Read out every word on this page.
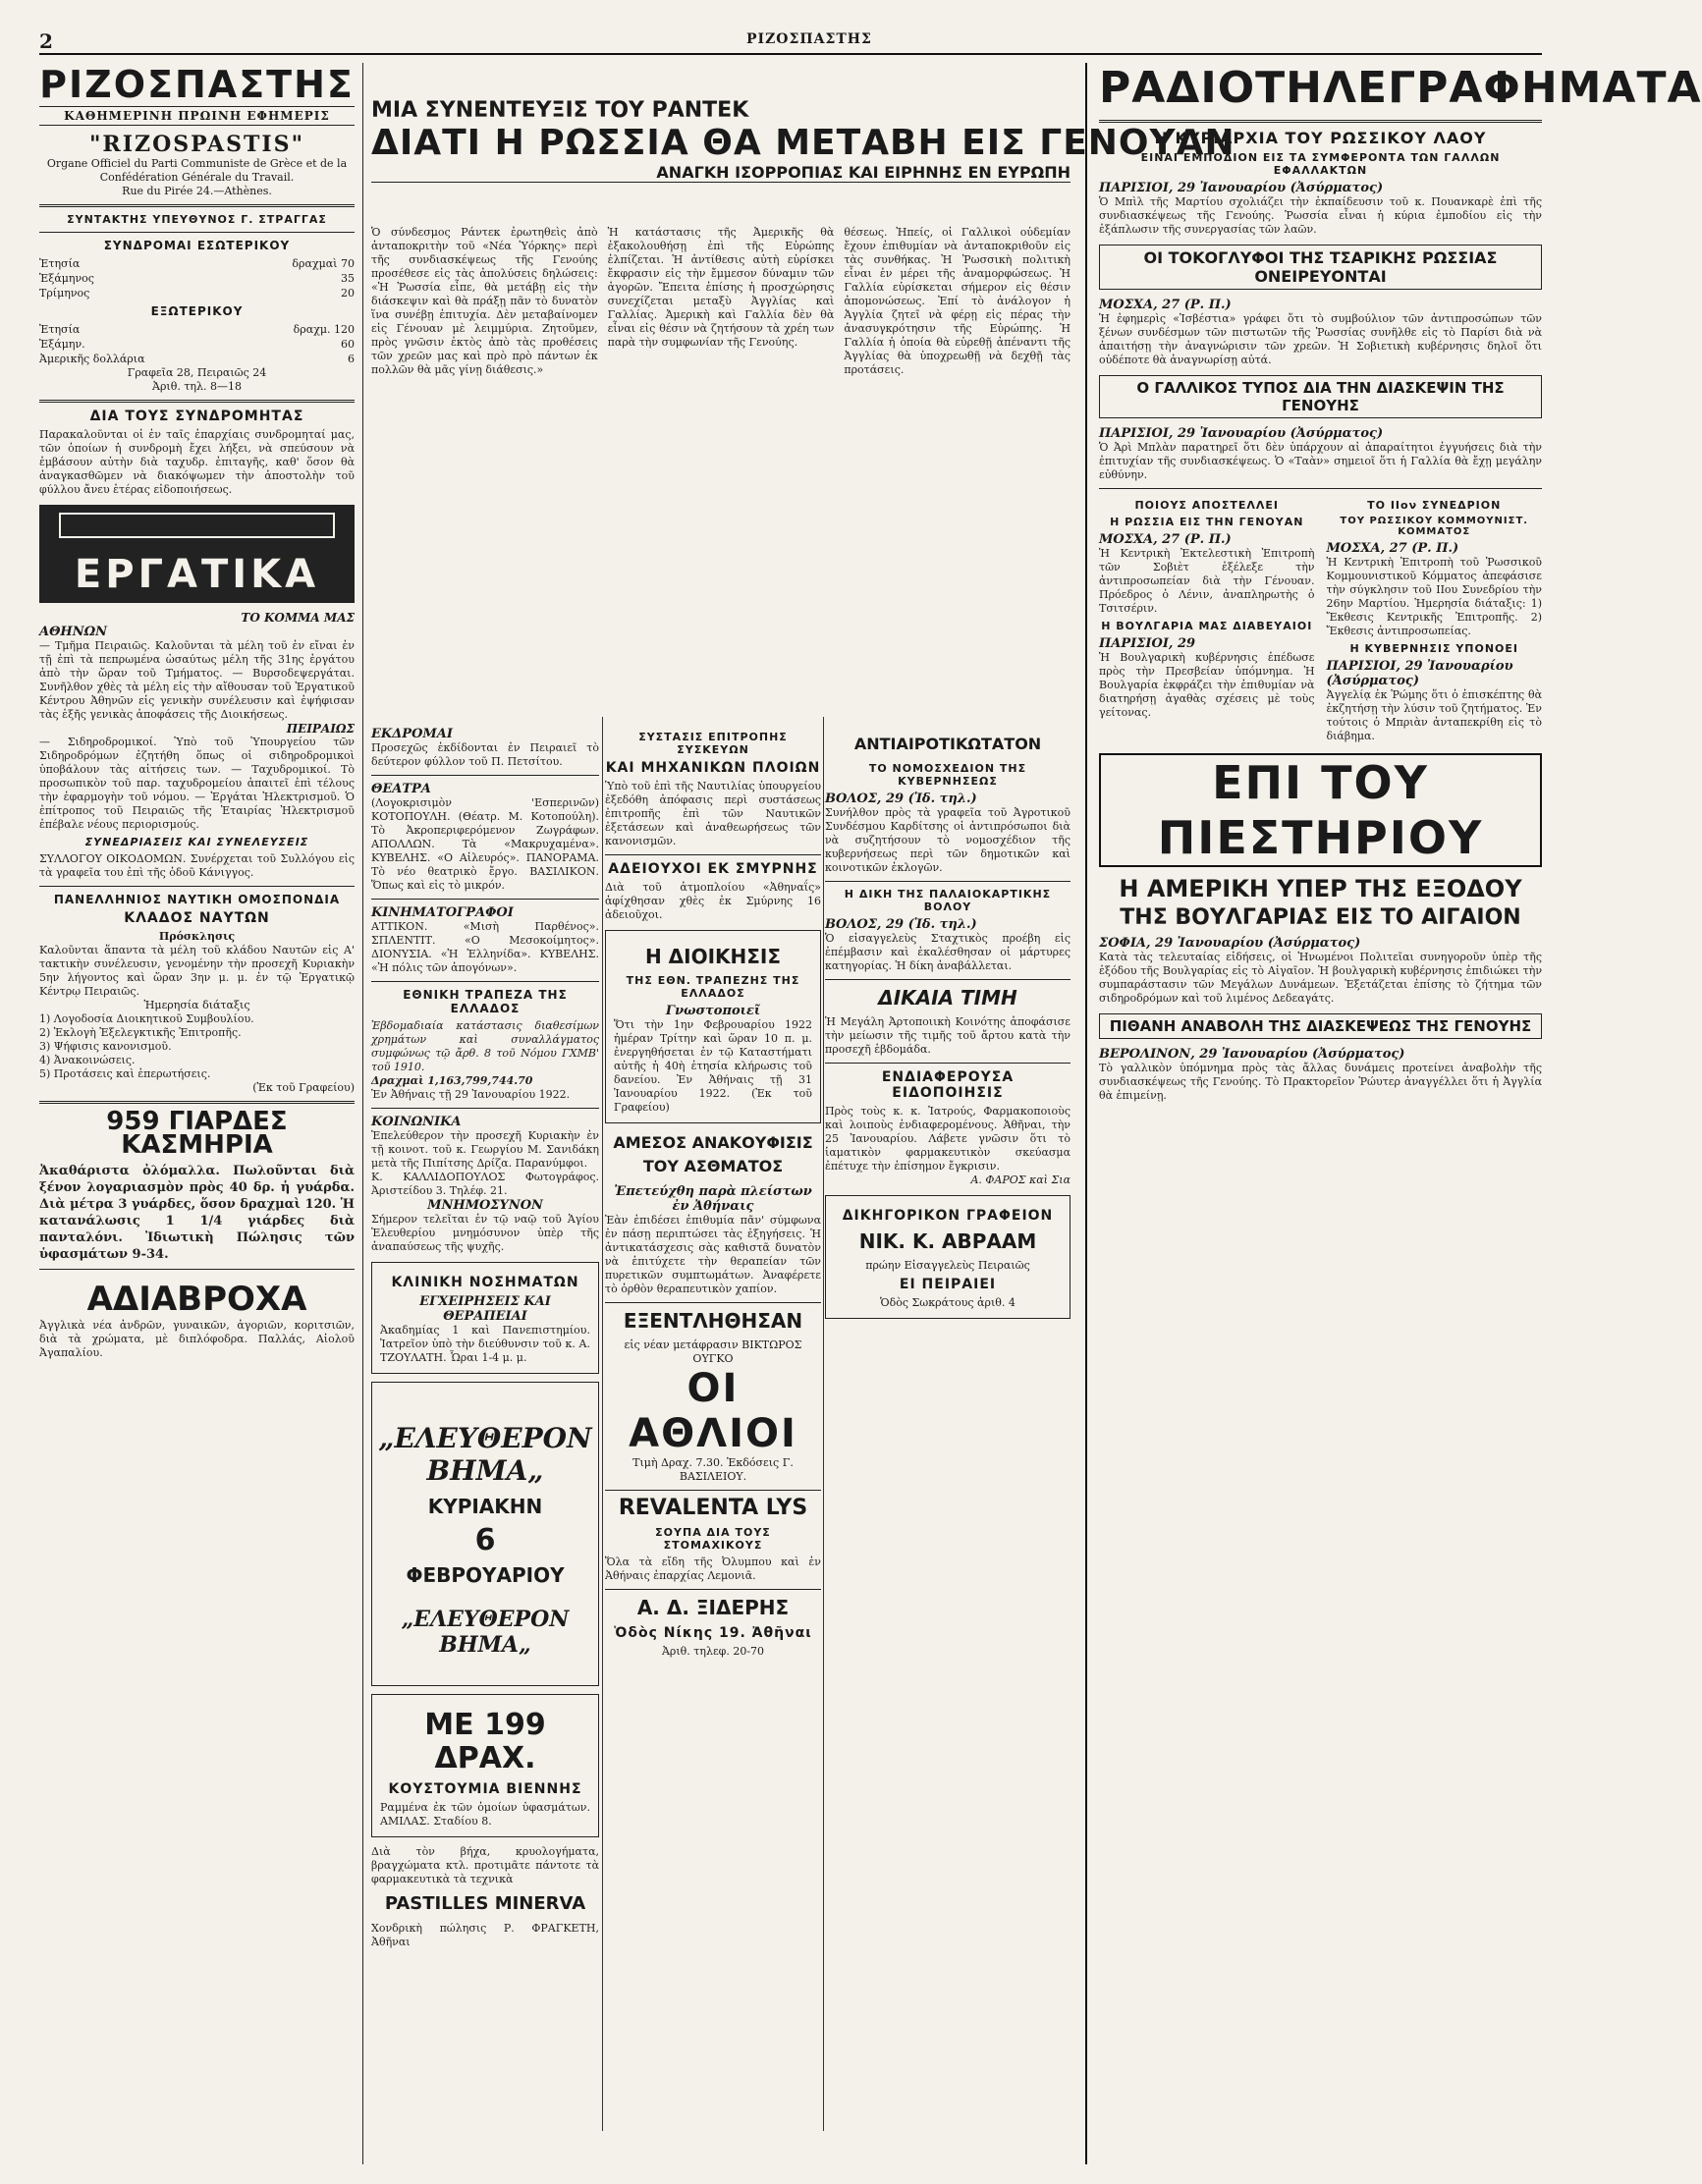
2	ΡΙΖΟΣΠΑΣΤΗΣ
ΡΙΖΟΣΠΑΣΤΗΣ
ΚΑΘΗΜΕΡΙΝΗ ΠΡΩΙΝΗ ΕΦΗΜΕΡΙΣ
"RIZOSPASTIS"
Organe Officiel du Parti Communiste de Grèce et de la Confédération Générale du Travail.
Rue du Pirée 24.—Athènes.
ΣΥΝΤΑΚΤΗΣ ΥΠΕΥΘΥΝΟΣ Γ. ΣΤΡΑΓΓΑΣ
ΣΥΝΔΡΟΜΑΙ ΕΣΩΤΕΡΙΚΟΥ
Ἐτησία	δραχμαὶ 70
Ἑξάμηνος	35
Τρίμηνος	20
ΕΞΩΤΕΡΙΚΟΥ
Ἐτησία	δραχμ. 120
Ἑξάμην.	60
Ἀμερικῆς δολλάρια	6
Γραφεῖα 28, Πειραιῶς 24
Ἀριθ. τηλ. 8—18
ΔΙΑ ΤΟΥΣ ΣΥΝΔΡΟΜΗΤΑΣ
Παρακαλοῦνται οἱ ἐν ταῖς ἐπαρχίαις συνδρομηταί μας, τῶν ὁποίων ἡ συνδρομὴ ἔχει λήξει, νὰ σπεύσουν νὰ ἐμβάσουν αὐτὴν διὰ ταχυδρ. ἐπιταγῆς, καθ' ὅσον θὰ ἀναγκασθῶμεν νὰ διακόψωμεν τὴν ἀποστολὴν τοῦ φύλλου ἄνευ ἑτέρας εἰδοποιήσεως.
ΕΡΓΑΤΙΚΑ
ΤΟ ΚΟΜΜΑ ΜΑΣ
ΑΘΗΝΩΝ
— Τμῆμα Πειραιῶς. Καλοῦνται τὰ μέλη τοῦ ἐν εἴναι ἐν τῇ ἐπὶ τὰ πεπρωμένα ὡσαύτως μέλη τῆς 31ης ἐργάτου ἀπὸ τὴν ὥραν τοῦ Τμήματος. — Βυρσοδεψεργάται. Συνῆλθον χθὲς τὰ μέλη εἰς τὴν αἴθουσαν τοῦ Ἐργατικοῦ Κέντρου Ἀθηνῶν εἰς γενικὴν συνέλευσιν καὶ ἐψήφισαν τὰς ἑξῆς γενικὰς ἀποφάσεις τῆς Διοικήσεως.
ΠΕΙΡΑΙΩΣ
— Σιδηροδρομικοί. Ὑπὸ τοῦ Ὑπουργείου τῶν Σιδηροδρόμων ἐζητήθη ὅπως οἱ σιδηροδρομικοὶ ὑποβάλουν τὰς αἰτήσεις των. — Ταχυδρομικοί. Τὸ προσωπικὸν τοῦ παρ. ταχυδρομείου ἀπαιτεῖ ἐπὶ τέλους τὴν ἐφαρμογὴν τοῦ νόμου. — Ἐργάται Ἠλεκτρισμοῦ. Ὁ ἐπίτροπος τοῦ Πειραιῶς τῆς Ἑταιρίας Ἠλεκτρισμοῦ ἐπέβαλε νέους περιορισμούς.
ΣΥΝΕΔΡΙΑΣΕΙΣ ΚΑΙ ΣΥΝΕΛΕΥΣΕΙΣ
ΣΥΛΛΟΓΟΥ ΟΙΚΟΔΟΜΩΝ. Συνέρχεται τοῦ Συλλόγου εἰς τὰ γραφεῖα του ἐπὶ τῆς ὁδοῦ Κάνιγγος.
ΠΑΝΕΛΛΗΝΙΟΣ ΝΑΥΤΙΚΗ ΟΜΟΣΠΟΝΔΙΑ
ΚΛΑΔΟΣ ΝΑΥΤΩΝ
Πρόσκλησις
Καλοῦνται ἅπαντα τὰ μέλη τοῦ κλάδου Ναυτῶν εἰς Α' τακτικὴν συνέλευσιν, γενομένην τὴν προσεχῆ Κυριακὴν 5ην λήγοντος καὶ ὥραν 3ην μ. μ. ἐν τῷ Ἐργατικῷ Κέντρῳ Πειραιῶς.
Ἡμερησία διάταξις
1) Λογοδοσία Διοικητικοῦ Συμβουλίου.
2) Ἐκλογὴ Ἐξελεγκτικῆς Ἐπιτροπῆς.
3) Ψήφισις κανονισμοῦ.
4) Ἀνακοινώσεις.
5) Προτάσεις καὶ ἐπερωτήσεις.
(Ἐκ τοῦ Γραφείου)
959 ΓΙΑΡΔΕΣ ΚΑΣΜΗΡΙΑ
Ἀκαθάριστα ὀλόμαλλα. Πωλοῦνται διὰ ξένον λογαριασμὸν πρὸς 40 δρ. ἡ γυάρδα. Διὰ μέτρα 3 γυάρδες, ὅσον δραχμαὶ 120. Ἡ κατανάλωσις 1 1/4 γιάρδες διὰ πανταλόνι. Ἰδιωτικὴ Πώλησις τῶν ὑφασμάτων 9-34.
ΑΔΙΑΒΡΟΧΑ
Ἀγγλικὰ νέα ἀνδρῶν, γυναικῶν, ἀγοριῶν, κοριτσιῶν, διὰ τὰ χρώματα, μὲ διπλόφοδρα. Παλλάς, Αἰολοῦ Ἀγαπαλίου.
ΜΙΑ ΣΥΝΕΝΤΕΥΞΙΣ ΤΟΥ ΡΑΝΤΕΚ
ΔΙΑΤΙ Η ΡΩΣΣΙΑ ΘΑ ΜΕΤΑΒΗ ΕΙΣ ΓΕΝΟΥΑΝ
ΑΝΑΓΚΗ ΙΣΟΡΡΟΠΙΑΣ ΚΑΙ ΕΙΡΗΝΗΣ ΕΝ ΕΥΡΩΠΗ
Ὁ σύνδεσμος Ράντεκ ἐρωτηθεὶς ἀπὸ ἀνταποκριτὴν τοῦ «Νέα Ὑόρκης» περὶ τῆς συνδιασκέψεως τῆς Γενούης προσέθεσε εἰς τὰς ἀπολύσεις δηλώσεις: «Ἡ Ῥωσσία εἶπε, θὰ μετάβῃ εἰς τὴν διάσκεψιν καὶ θὰ πράξῃ πᾶν τὸ δυνατὸν ἵνα συνέβῃ ἐπιτυχία. Δὲν μεταβαίνομεν εἰς Γένουαν μὲ λειμμύρια. Ζητοῦμεν, πρὸς γνῶσιν ἐκτὸς ἀπὸ τὰς προθέσεις τῶν χρεῶν μας καὶ πρὸ πρὸ πάντων ἐκ πολλῶν θὰ μᾶς γίνῃ διάθεσις.»
Ἡ κατάστασις τῆς Ἀμερικῆς θὰ ἐξακολουθήσῃ ἐπὶ τῆς Εὐρώπης ἐλπίζεται. Ἡ ἀντίθεσις αὐτὴ εὑρίσκει ἔκφρασιν εἰς τὴν ἔμμεσον δύναμιν τῶν ἀγορῶν. Ἔπειτα ἐπίσης ἡ προσχώρησις συνεχίζεται μεταξὺ Ἀγγλίας καὶ Γαλλίας. Ἀμερικὴ καὶ Γαλλία δὲν θὰ εἶναι εἰς θέσιν νὰ ζητήσουν τὰ χρέη των παρὰ τὴν συμφωνίαν τῆς Γενούης.
θέσεως. Ἠπείς, οἱ Γαλλικοὶ οὐδεμίαν ἔχουν ἐπιθυμίαν νὰ ἀνταποκριθοῦν εἰς τὰς συνθήκας. Ἡ Ῥωσσικὴ πολιτικὴ εἶναι ἐν μέρει τῆς ἀναμορφώσεως. Ἡ Γαλλία εὑρίσκεται σήμερον εἰς θέσιν ἀπομονώσεως. Ἐπί τὸ ἀνάλογον ἡ Ἀγγλία ζητεῖ νὰ φέρῃ εἰς πέρας τὴν ἀνασυγκρότησιν τῆς Εὐρώπης. Ἡ Γαλλία ἡ ὁποία θὰ εὑρεθῇ ἀπέναντι τῆς Ἀγγλίας θὰ ὑποχρεωθῇ νὰ δεχθῇ τὰς προτάσεις.
ΕΚΔΡΟΜΑΙ
Προσεχῶς ἐκδίδονται ἐν Πειραιεῖ τὸ δεύτερον φύλλον τοῦ Π. Πετσίτου.
ΘΕΑΤΡΑ
(Λογοκρισιμὸν 'Εσπερινῶν) ΚΟΤΟΠΟΥΛΗ. (Θέατρ. Μ. Κοτοπούλη). Τὸ Ἀκροπεριφερόμενον Ζωγράφων. ΑΠΟΛΛΩΝ. Τὰ «Μακρυχαμένα». ΚΥΒΕΛΗΣ. «Ο Αἰλευρός». ΠΑΝΟΡΑΜΑ. Τὸ νέο θεατρικὸ ἔργο. ΒΑΣΙΛΙΚΟΝ. Ὅπως καὶ εἰς τὸ μικρόν.
ΚΙΝΗΜΑΤΟΓΡΑΦΟΙ
ΑΤΤΙΚΟΝ. «Μισὴ Παρθένος». ΣΠΛΕΝΤΙΤ. «Ο Μεσοκοίμητος». ΔΙΟΝΥΣΙΑ. «Ἡ Ἑλληνίδα». ΚΥΒΕΛΗΣ. «Ἡ πόλις τῶν ἀπογόνων».
ΕΘΝΙΚΗ ΤΡΑΠΕΖΑ ΤΗΣ ΕΛΛΑΔΟΣ
Ἑβδομαδιαία κατάστασις διαθεσίμων χρημάτων καὶ συναλλάγματος συμφώνως τῷ ἄρθ. 8 τοῦ Νόμου ΓΧΜΒ' τοῦ 1910.
Δραχμαὶ 1,163,799,744.70
Ἐν Ἀθήναις τῇ 29 Ἰανουαρίου 1922.
ΚΟΙΝΩΝΙΚΑ
Ἐπελεύθερον τὴν προσεχῆ Κυριακὴν ἐν τῇ κοινοτ. τοῦ κ. Γεωργίου Μ. Σανιδάκη μετὰ τῆς Πιπίτσης Δρίζα. Παρανύμφοι.
Κ. ΚΑΛΛΙΔΟΠΟΥΛΟΣ Φωτογράφος. Ἀριστείδου 3. Τηλέφ. 21.
ΜΝΗΜΟΣΥΝΟΝ
Σήμερον τελεῖται ἐν τῷ ναῷ τοῦ Ἁγίου Ἐλευθερίου μνημόσυνον ὑπὲρ τῆς ἀναπαύσεως τῆς ψυχῆς.
ΚΛΙΝΙΚΗ ΝΟΣΗΜΑΤΩΝ
ΕΓΧΕΙΡΗΣΕΙΣ ΚΑΙ ΘΕΡΑΠΕΙΑΙ
Ἀκαδημίας 1 καὶ Πανεπιστημίου. Ἰατρεῖον ὑπὸ τὴν διεύθυνσιν τοῦ κ. Α. ΤΖΟΥΛΑΤΗ. Ὧραι 1-4 μ. μ.
„ΕΛΕΥΘΕΡΟΝ ΒΗΜΑ„
ΚΥΡΙΑΚΗΝ
6
ΦΕΒΡΟΥΑΡΙΟΥ
„ΕΛΕΥΘΕΡΟΝ ΒΗΜΑ„
ΜΕ 199 ΔΡΑΧ.
ΚΟΥΣΤΟΥΜΙΑ ΒΙΕΝΝΗΣ
Ραμμένα ἐκ τῶν ὁμοίων ὑφασμάτων. ΑΜΙΛΑΣ. Σταδίου 8.
Διὰ τὸν βήχα, κρυολογήματα, βραγχώματα κτλ. προτιμᾶτε πάντοτε τὰ φαρμακευτικὰ τὰ τεχνικὰ
PASTILLES MINERVA
Χονδρικὴ πώλησις Ρ. ΦΡΑΓΚΕΤΗ, Ἀθῆναι
ΣΥΣΤΑΣΙΣ ΕΠΙΤΡΟΠΗΣ ΣΥΣΚΕΥΩΝ
ΚΑΙ ΜΗΧΑΝΙΚΩΝ ΠΛΟΙΩΝ
Ὑπὸ τοῦ ἐπὶ τῆς Ναυτιλίας ὑπουργείου ἐξεδόθη ἀπόφασις περὶ συστάσεως ἐπιτροπῆς ἐπὶ τῶν Ναυτικῶν ἐξετάσεων καὶ ἀναθεωρήσεως τῶν κανονισμῶν.
ΑΔΕΙΟΥΧΟΙ ΕΚ ΣΜΥΡΝΗΣ
Διὰ τοῦ ἀτμοπλοίου «Ἀθηναΐς» ἀφίχθησαν χθὲς ἐκ Σμύρνης 16 ἀδειοῦχοι.
Η ΔΙΟΙΚΗΣΙΣ
ΤΗΣ ΕΘΝ. ΤΡΑΠΕΖΗΣ ΤΗΣ ΕΛΛΑΔΟΣ
Γνωστοποιεῖ
Ὅτι τὴν 1ην Φεβρουαρίου 1922 ἡμέραν Τρίτην καὶ ὥραν 10 π. μ. ἐνεργηθήσεται ἐν τῷ Καταστήματι αὐτῆς ἡ 40ὴ ἐτησία κλήρωσις τοῦ δανείου. Ἐν Ἀθήναις τῇ 31 Ἰανουαρίου 1922. (Ἐκ τοῦ Γραφείου)
ΑΜΕΣΟΣ ΑΝΑΚΟΥΦΙΣΙΣ ΤΟΥ ΑΣΘΜΑΤΟΣ
Ἐπετεύχθη παρὰ πλείστων ἐν Ἀθήναις
Ἐὰν ἐπιδέσει ἐπιθυμία πᾶν' σύμφωνα ἐν πάσῃ περιπτώσει τὰς ἐξηγήσεις. Ἡ ἀντικατάσχεσις σὰς καθιστᾶ δυνατὸν νὰ ἐπιτύχετε τὴν θεραπείαν τῶν πυρετικῶν συμπτωμάτων. Ἀναφέρετε τὸ ὀρθὸν θεραπευτικὸν χαπίον.
ΕΞΕΝΤΛΗΘΗΣΑΝ
εἰς νέαν μετάφρασιν ΒΙΚΤΩΡΟΣ ΟΥΓΚΟ
ΟΙ ΑΘΛΙΟΙ
Τιμὴ Δραχ. 7.30. Ἐκδόσεις Γ. ΒΑΣΙΛΕΙΟΥ.
REVALENTA LYS
ΣΟΥΠΑ ΔΙΑ ΤΟΥΣ ΣΤΟΜΑΧΙΚΟΥΣ
Ὅλα τὰ εἴδη τῆς Ὀλυμπου καὶ ἐν Ἀθήναις ἐπαρχίας Λεμονιᾶ.
Α. Δ. ΞΙΔΕΡΗΣ
Ὁδὸς Νίκης 19. Ἀθῆναι
Ἀριθ. τηλεφ. 20-70
ΑΝΤΙΑΙΡΟΤΙΚΩΤΑΤΟΝ
ΤΟ ΝΟΜΟΣΧΕΔΙΟΝ ΤΗΣ ΚΥΒΕΡΝΗΣΕΩΣ
ΒΟΛΟΣ, 29 (Ἰδ. τηλ.)
Συνήλθον πρὸς τὰ γραφεῖα τοῦ Ἀγροτικοῦ Συνδέσμου Καρδίτσης οἱ ἀντιπρόσωποι διὰ νὰ συζητήσουν τὸ νομοσχέδιον τῆς κυβερνήσεως περὶ τῶν δημοτικῶν καὶ κοινοτικῶν ἐκλογῶν.
Η ΔΙΚΗ ΤΗΣ ΠΑΛΑΙΟΚΑΡΤΙΚΗΣ ΒΟΛΟΥ
ΒΟΛΟΣ, 29 (Ἰδ. τηλ.)
Ὁ εἰσαγγελεὺς Σταχτικὸς προέβη εἰς ἐπέμβασιν καὶ ἐκαλέσθησαν οἱ μάρτυρες κατηγορίας. Ἡ δίκη ἀναβάλλεται.
ΔΙΚΑΙΑ ΤΙΜΗ
Ἡ Μεγάλη Ἀρτοποιικὴ Κοινότης ἀποφάσισε τὴν μείωσιν τῆς τιμῆς τοῦ ἄρτου κατὰ τὴν προσεχῆ ἑβδομάδα.
ΕΝΔΙΑΦΕΡΟΥΣΑ ΕΙΔΟΠΟΙΗΣΙΣ
Πρὸς τοὺς κ. κ. Ἰατρούς, Φαρμακοποιοὺς καὶ λοιποὺς ἐνδιαφερομένους. Ἀθῆναι, τὴν 25 Ἰανουαρίου. Λάβετε γνῶσιν ὅτι τὸ ἰαματικὸν φαρμακευτικὸν σκεύασμα ἐπέτυχε τὴν ἐπίσημον ἔγκρισιν.
Α. ΦΑΡΟΣ καὶ Σια
ΔΙΚΗΓΟΡΙΚΟΝ ΓΡΑΦΕΙΟΝ
ΝΙΚ. Κ. ΑΒΡΑΑΜ
πρώην Εἰσαγγελεὺς Πειραιῶς
ΕΙ ΠΕΙΡΑΙΕΙ
Ὁδὸς Σωκράτους ἀριθ. 4
ΡΑΔΙΟΤΗΛΕΓΡΑΦΗΜΑΤΑ
Η ΚΥΡΙΑΡΧΙΑ ΤΟΥ ΡΩΣΣΙΚΟΥ ΛΑΟΥ
ΕΙΝΑΙ ΕΜΠΟΔΙΟΝ ΕΙΣ ΤΑ ΣΥΜΦΕΡΟΝΤΑ ΤΩΝ ΓΑΛΛΩΝ ΕΦΑΛΛΑΚΤΩΝ
ΠΑΡΙΣΙΟΙ, 29 Ἰανουαρίου (Ἀσύρματος)
Ὁ Μπὶλ τῆς Μαρτίου σχολιάζει τὴν ἐκπαίδευσιν τοῦ κ. Πουανκαρὲ ἐπὶ τῆς συνδιασκέψεως τῆς Γενούης. Ῥωσσία εἶναι ἡ κύρια ἐμποδίου εἰς τὴν ἐξάπλωσιν τῆς συνεργασίας τῶν λαῶν.
ΟΙ ΤΟΚΟΓΛΥΦΟΙ ΤΗΣ ΤΣΑΡΙΚΗΣ ΡΩΣΣΙΑΣ ΟΝΕΙΡΕΥΟΝΤΑΙ
ΜΟΣΧΑ, 27 (Ρ. Π.)
Ἡ ἐφημερὶς «Ἰσβέστια» γράφει ὅτι τὸ συμβούλιον τῶν ἀντιπροσώπων τῶν ξένων συνδέσμων τῶν πιστωτῶν τῆς Ῥωσσίας συνῆλθε εἰς τὸ Παρίσι διὰ νὰ ἀπαιτήσῃ τὴν ἀναγνώρισιν τῶν χρεῶν. Ἡ Σοβιετικὴ κυβέρνησις δηλοῖ ὅτι οὐδέποτε θὰ ἀναγνωρίσῃ αὐτά.
Ο ΓΑΛΛΙΚΟΣ ΤΥΠΟΣ ΔΙΑ ΤΗΝ ΔΙΑΣΚΕΨΙΝ ΤΗΣ ΓΕΝΟΥΗΣ
ΠΑΡΙΣΙΟΙ, 29 Ἰανουαρίου (Ἀσύρματος)
Ὁ Ἀρὶ Μπλὰν παρατηρεῖ ὅτι δὲν ὑπάρχουν αἱ ἀπαραίτητοι ἐγγυήσεις διὰ τὴν ἐπιτυχίαν τῆς συνδιασκέψεως. Ὁ «Ταὰν» σημειοῖ ὅτι ἡ Γαλλία θὰ ἔχῃ μεγάλην εὐθύνην.
ΠΟΙΟΥΣ ΑΠΟΣΤΕΛΛΕΙ
Η ΡΩΣΣΙΑ ΕΙΣ ΤΗΝ ΓΕΝΟΥΑΝ
ΜΟΣΧΑ, 27 (Ρ. Π.)
Ἡ Κεντρικὴ Ἐκτελεστικὴ Ἐπιτροπὴ τῶν Σοβιὲτ ἐξέλεξε τὴν ἀντιπροσωπείαν διὰ τὴν Γένουαν. Πρόεδρος ὁ Λένιν, ἀναπληρωτὴς ὁ Τσιτσέριν.
Η ΒΟΥΛΓΑΡΙΑ ΜΑΣ ΔΙΑΒΕΥΑΙΟΙ
ΠΑΡΙΣΙΟΙ, 29
Ἡ Βουλγαρικὴ κυβέρνησις ἐπέδωσε πρὸς τὴν Πρεσβείαν ὑπόμνημα. Ἡ Βουλγαρία ἐκφράζει τὴν ἐπιθυμίαν νὰ διατηρήσῃ ἀγαθὰς σχέσεις μὲ τοὺς γείτονας.
ΤΟ ΙΙον ΣΥΝΕΔΡΙΟΝ
ΤΟΥ ΡΩΣΣΙΚΟΥ ΚΟΜΜΟΥΝΙΣΤ. ΚΟΜΜΑΤΟΣ
ΜΟΣΧΑ, 27 (Ρ. Π.)
Ἡ Κεντρικὴ Ἐπιτροπὴ τοῦ Ῥωσσικοῦ Κομμουνιστικοῦ Κόμματος ἀπεφάσισε τὴν σύγκλησιν τοῦ ΙΙου Συνεδρίου τὴν 26ην Μαρτίου. Ἡμερησία διάταξις: 1) Ἔκθεσις Κεντρικῆς Ἐπιτροπῆς. 2) Ἔκθεσις ἀντιπροσωπείας.
Η ΚΥΒΕΡΝΗΣΙΣ ΥΠΟΝΟΕΙ
ΠΑΡΙΣΙΟΙ, 29 Ἰανουαρίου (Ἀσύρματος)
Ἀγγελίᾳ ἐκ Ῥώμης ὅτι ὁ ἐπισκέπτης θὰ ἐκζητήσῃ τὴν λύσιν τοῦ ζητήματος. Ἐν τούτοις ὁ Μπριὰν ἀνταπεκρίθη εἰς τὸ διάβημα.
ΕΠΙ ΤΟΥ ΠΙΕΣΤΗΡΙΟΥ
Η ΑΜΕΡΙΚΗ ΥΠΕΡ ΤΗΣ ΕΞΟΔΟΥ
ΤΗΣ ΒΟΥΛΓΑΡΙΑΣ ΕΙΣ ΤΟ ΑΙΓΑΙΟΝ
ΣΟΦΙΑ, 29 Ἰανουαρίου (Ἀσύρματος)
Κατὰ τὰς τελευταίας εἰδήσεις, οἱ Ἡνωμένοι Πολιτεῖαι συνηγοροῦν ὑπὲρ τῆς ἐξόδου τῆς Βουλγαρίας εἰς τὸ Αἰγαῖον. Ἡ βουλγαρικὴ κυβέρνησις ἐπιδιώκει τὴν συμπαράστασιν τῶν Μεγάλων Δυνάμεων. Ἐξετάζεται ἐπίσης τὸ ζήτημα τῶν σιδηροδρόμων καὶ τοῦ λιμένος Δεδεαγάτς.
ΠΙΘΑΝΗ ΑΝΑΒΟΛΗ ΤΗΣ ΔΙΑΣΚΕΨΕΩΣ ΤΗΣ ΓΕΝΟΥΗΣ
ΒΕΡΟΛΙΝΟΝ, 29 Ἰανουαρίου (Ἀσύρματος)
Τὸ γαλλικὸν ὑπόμνημα πρὸς τὰς ἄλλας δυνάμεις προτείνει ἀναβολὴν τῆς συνδιασκέψεως τῆς Γενούης. Τὸ Πρακτορεῖον Ῥώυτερ ἀναγγέλλει ὅτι ἡ Ἀγγλία θὰ ἐπιμείνῃ.
